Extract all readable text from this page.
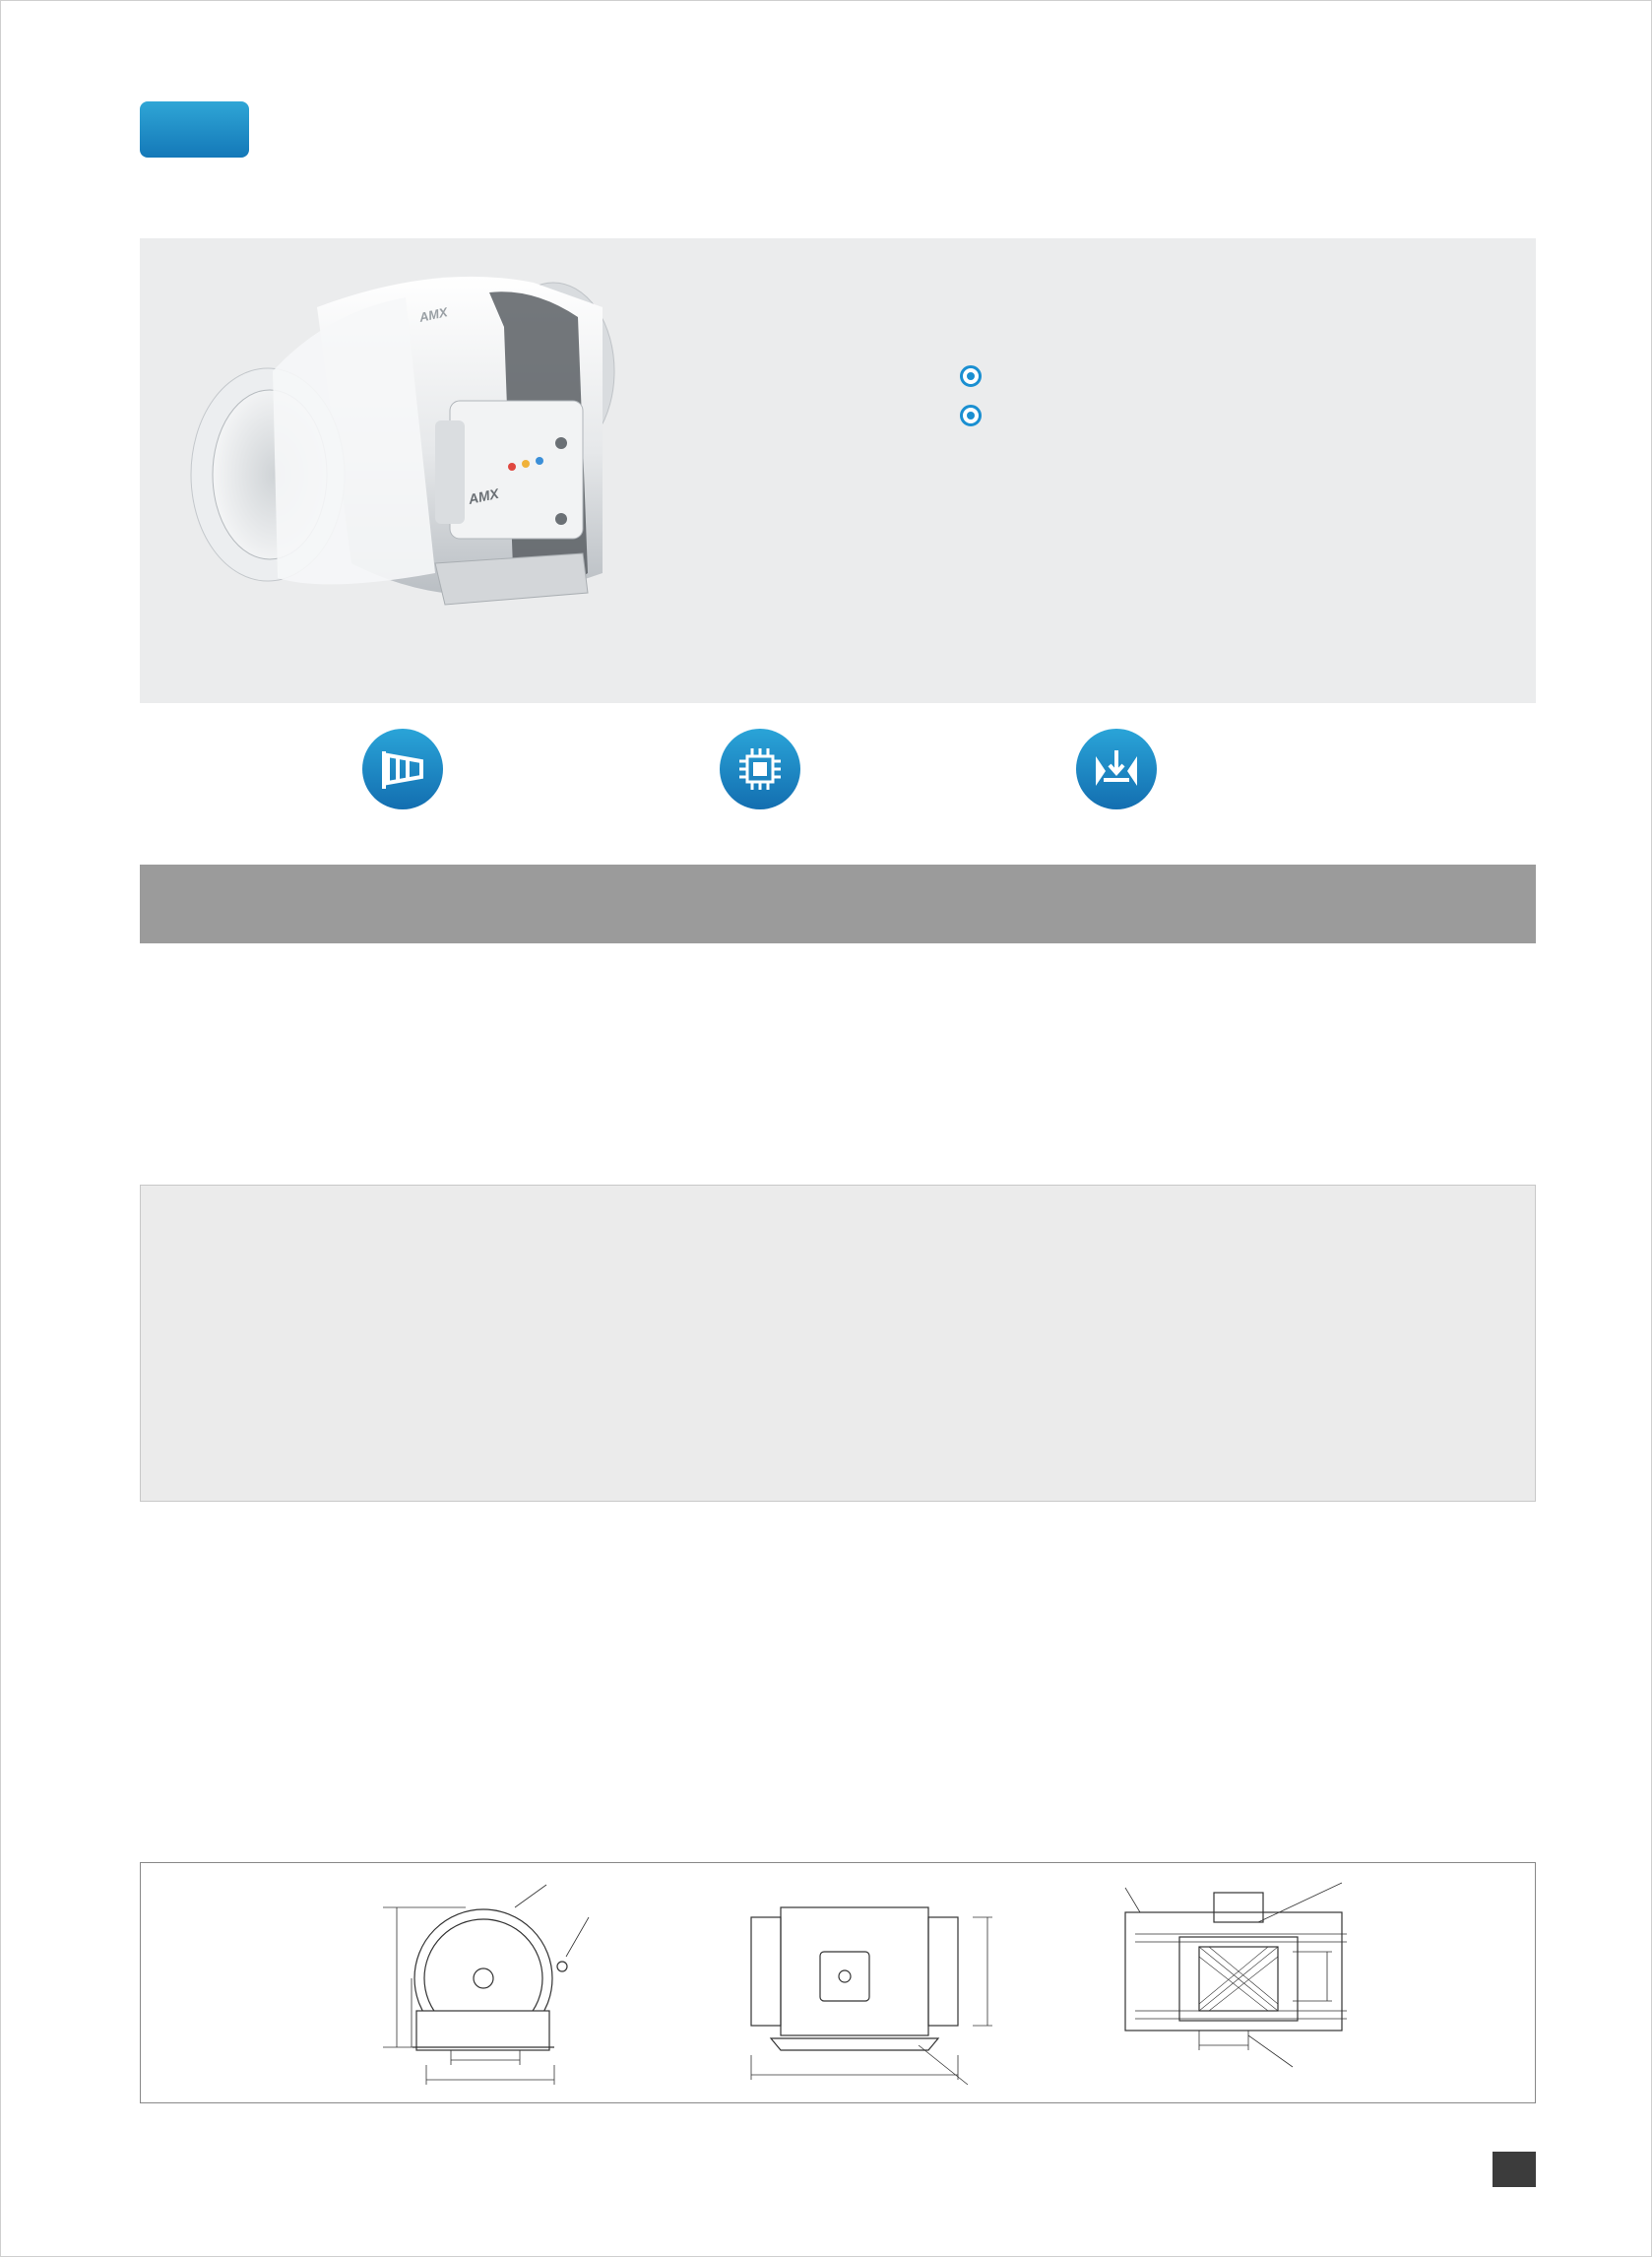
AMX
AMX
